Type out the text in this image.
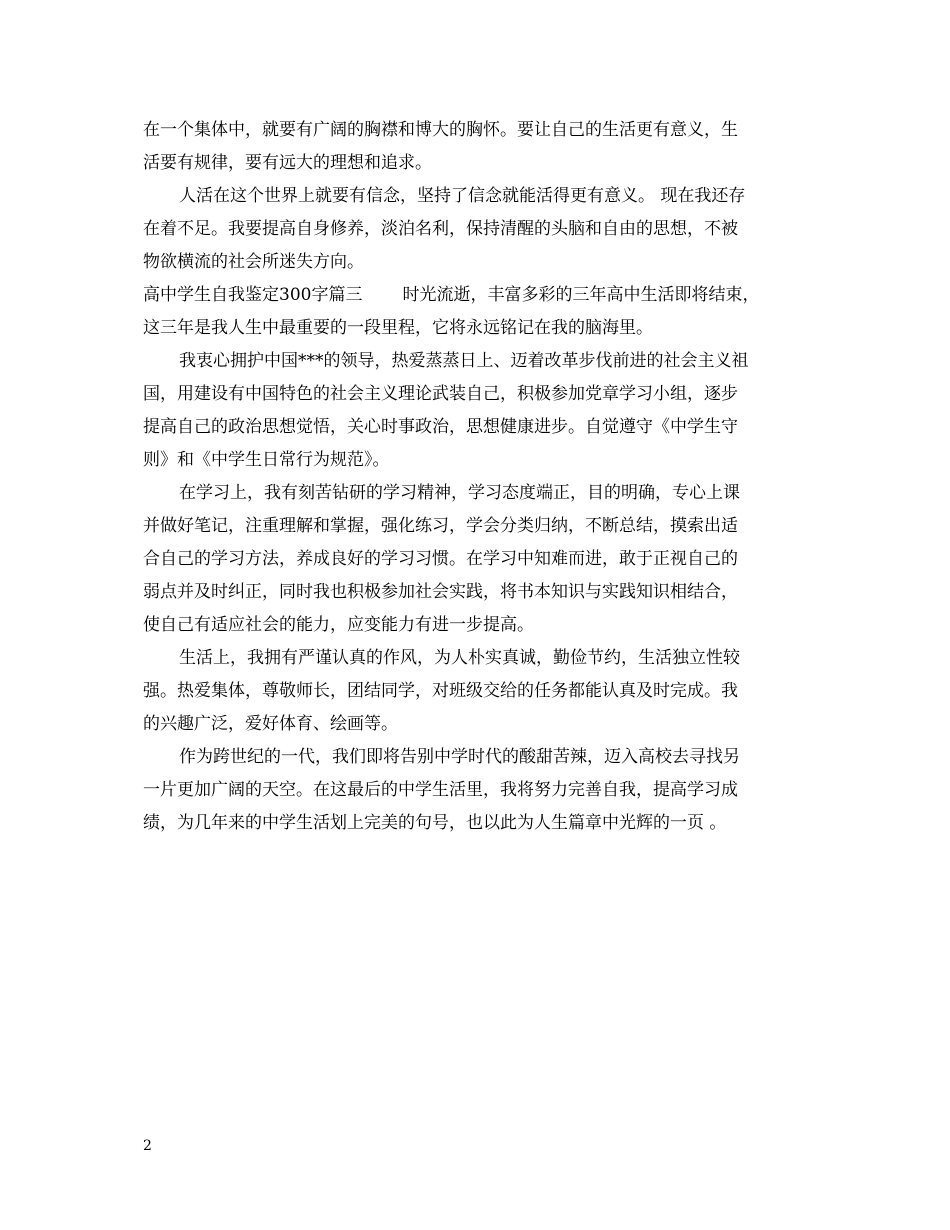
在一个集体中，就要有广阔的胸襟和博大的胸怀。要让自己的生活更有意义，生
活要有规律，要有远大的理想和追求。
人活在这个世界上就要有信念，坚持了信念就能活得更有意义。 现在我还存
在着不足。我要提高自身修养，淡泊名利，保持清醒的头脑和自由的思想，不被
物欲横流的社会所迷失方向。
高中学生自我鉴定300字篇三 时光流逝，丰富多彩的三年高中生活即将结束，
这三年是我人生中最重要的一段里程，它将永远铭记在我的脑海里。
我衷心拥护中国***的领导，热爱蒸蒸日上、迈着改革步伐前进的社会主义祖
国，用建设有中国特色的社会主义理论武装自己，积极参加党章学习小组，逐步
提高自己的政治思想觉悟，关心时事政治，思想健康进步。自觉遵守《中学生守
则》和《中学生日常行为规范》。
在学习上，我有刻苦钻研的学习精神，学习态度端正，目的明确，专心上课
并做好笔记，注重理解和掌握，强化练习，学会分类归纳，不断总结，摸索出适
合自己的学习方法，养成良好的学习习惯。在学习中知难而进，敢于正视自己的
弱点并及时纠正，同时我也积极参加社会实践，将书本知识与实践知识相结合，
使自己有适应社会的能力，应变能力有进一步提高。
生活上，我拥有严谨认真的作风，为人朴实真诚，勤俭节约，生活独立性较
强。热爱集体，尊敬师长，团结同学，对班级交给的任务都能认真及时完成。我
的兴趣广泛，爱好体育、绘画等。
作为跨世纪的一代，我们即将告别中学时代的酸甜苦辣，迈入高校去寻找另
一片更加广阔的天空。在这最后的中学生活里，我将努力完善自我，提高学习成
绩，为几年来的中学生活划上完美的句号，也以此为人生篇章中光辉的一页 。
2
